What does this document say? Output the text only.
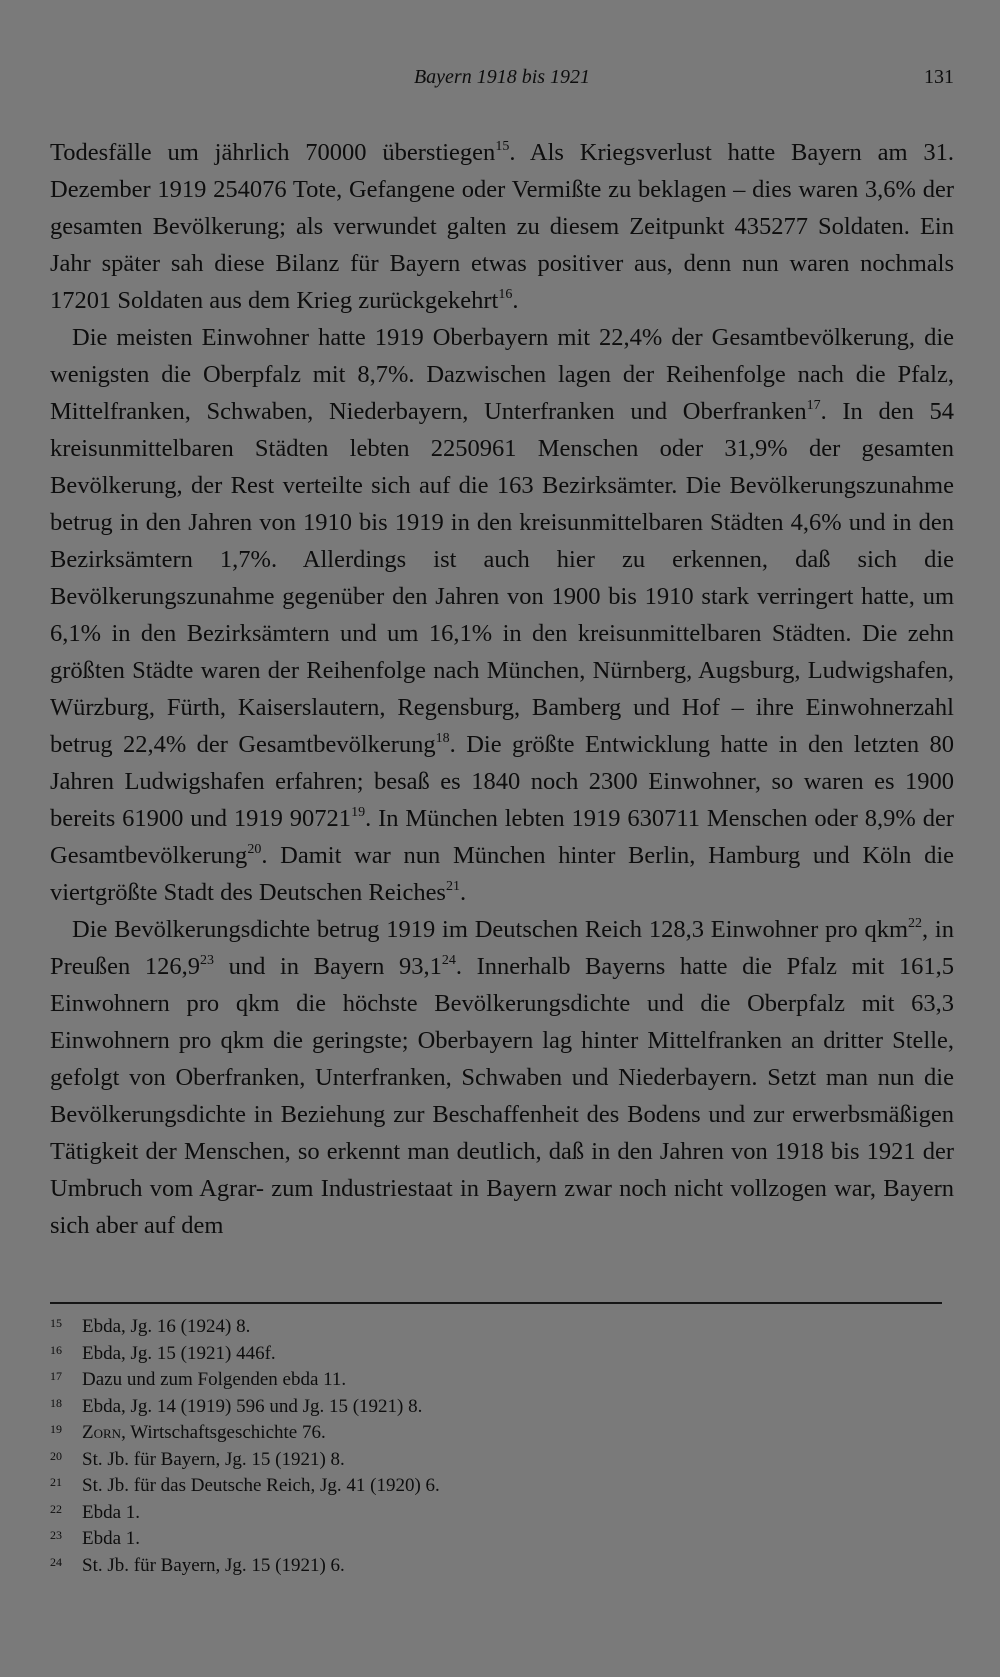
Bayern 1918 bis 1921	131

Todesfälle um jährlich 70000 überstiegen$^{15}$. Als Kriegsverlust hatte Bayern am 31. Dezember 1919 254076 Tote, Gefangene oder Vermißte zu beklagen – dies waren 3,6% der gesamten Bevölkerung; als verwundet galten zu diesem Zeitpunkt 435277 Soldaten. Ein Jahr später sah diese Bilanz für Bayern etwas positiver aus, denn nun waren nochmals 17201 Soldaten aus dem Krieg zurückgekehrt$^{16}$.

Die meisten Einwohner hatte 1919 Oberbayern mit 22,4% der Gesamtbevölkerung, die wenigsten die Oberpfalz mit 8,7%. Dazwischen lagen der Reihenfolge nach die Pfalz, Mittelfranken, Schwaben, Niederbayern, Unterfranken und Oberfranken$^{17}$. In den 54 kreisunmittelbaren Städten lebten 2250961 Menschen oder 31,9% der gesamten Bevölkerung, der Rest verteilte sich auf die 163 Bezirksämter. Die Bevölkerungszunahme betrug in den Jahren von 1910 bis 1919 in den kreisunmittelbaren Städten 4,6% und in den Bezirksämtern 1,7%. Allerdings ist auch hier zu erkennen, daß sich die Bevölkerungszunahme gegenüber den Jahren von 1900 bis 1910 stark verringert hatte, um 6,1% in den Bezirksämtern und um 16,1% in den kreisunmittelbaren Städten. Die zehn größten Städte waren der Reihenfolge nach München, Nürnberg, Augsburg, Ludwigshafen, Würzburg, Fürth, Kaiserslautern, Regensburg, Bamberg und Hof – ihre Einwohnerzahl betrug 22,4% der Gesamtbevölkerung$^{18}$. Die größte Entwicklung hatte in den letzten 80 Jahren Ludwigshafen erfahren; besaß es 1840 noch 2300 Einwohner, so waren es 1900 bereits 61900 und 1919 90721$^{19}$. In München lebten 1919 630711 Menschen oder 8,9% der Gesamtbevölkerung$^{20}$. Damit war nun München hinter Berlin, Hamburg und Köln die viertgrößte Stadt des Deutschen Reiches$^{21}$.

Die Bevölkerungsdichte betrug 1919 im Deutschen Reich 128,3 Einwohner pro qkm$^{22}$, in Preußen 126,9$^{23}$ und in Bayern 93,1$^{24}$. Innerhalb Bayerns hatte die Pfalz mit 161,5 Einwohnern pro qkm die höchste Bevölkerungsdichte und die Oberpfalz mit 63,3 Einwohnern pro qkm die geringste; Oberbayern lag hinter Mittelfranken an dritter Stelle, gefolgt von Oberfranken, Unterfranken, Schwaben und Niederbayern. Setzt man nun die Bevölkerungsdichte in Beziehung zur Beschaffenheit des Bodens und zur erwerbsmäßigen Tätigkeit der Menschen, so erkennt man deutlich, daß in den Jahren von 1918 bis 1921 der Umbruch vom Agrar- zum Industriestaat in Bayern zwar noch nicht vollzogen war, Bayern sich aber auf dem

15	Ebda, Jg. 16 (1924) 8.
16	Ebda, Jg. 15 (1921) 446f.
17	Dazu und zum Folgenden ebda 11.
18	Ebda, Jg. 14 (1919) 596 und Jg. 15 (1921) 8.
19	Zorn, Wirtschaftsgeschichte 76.
20	St. Jb. für Bayern, Jg. 15 (1921) 8.
21	St. Jb. für das Deutsche Reich, Jg. 41 (1920) 6.
22	Ebda 1.
23	Ebda 1.
24	St. Jb. für Bayern, Jg. 15 (1921) 6.
